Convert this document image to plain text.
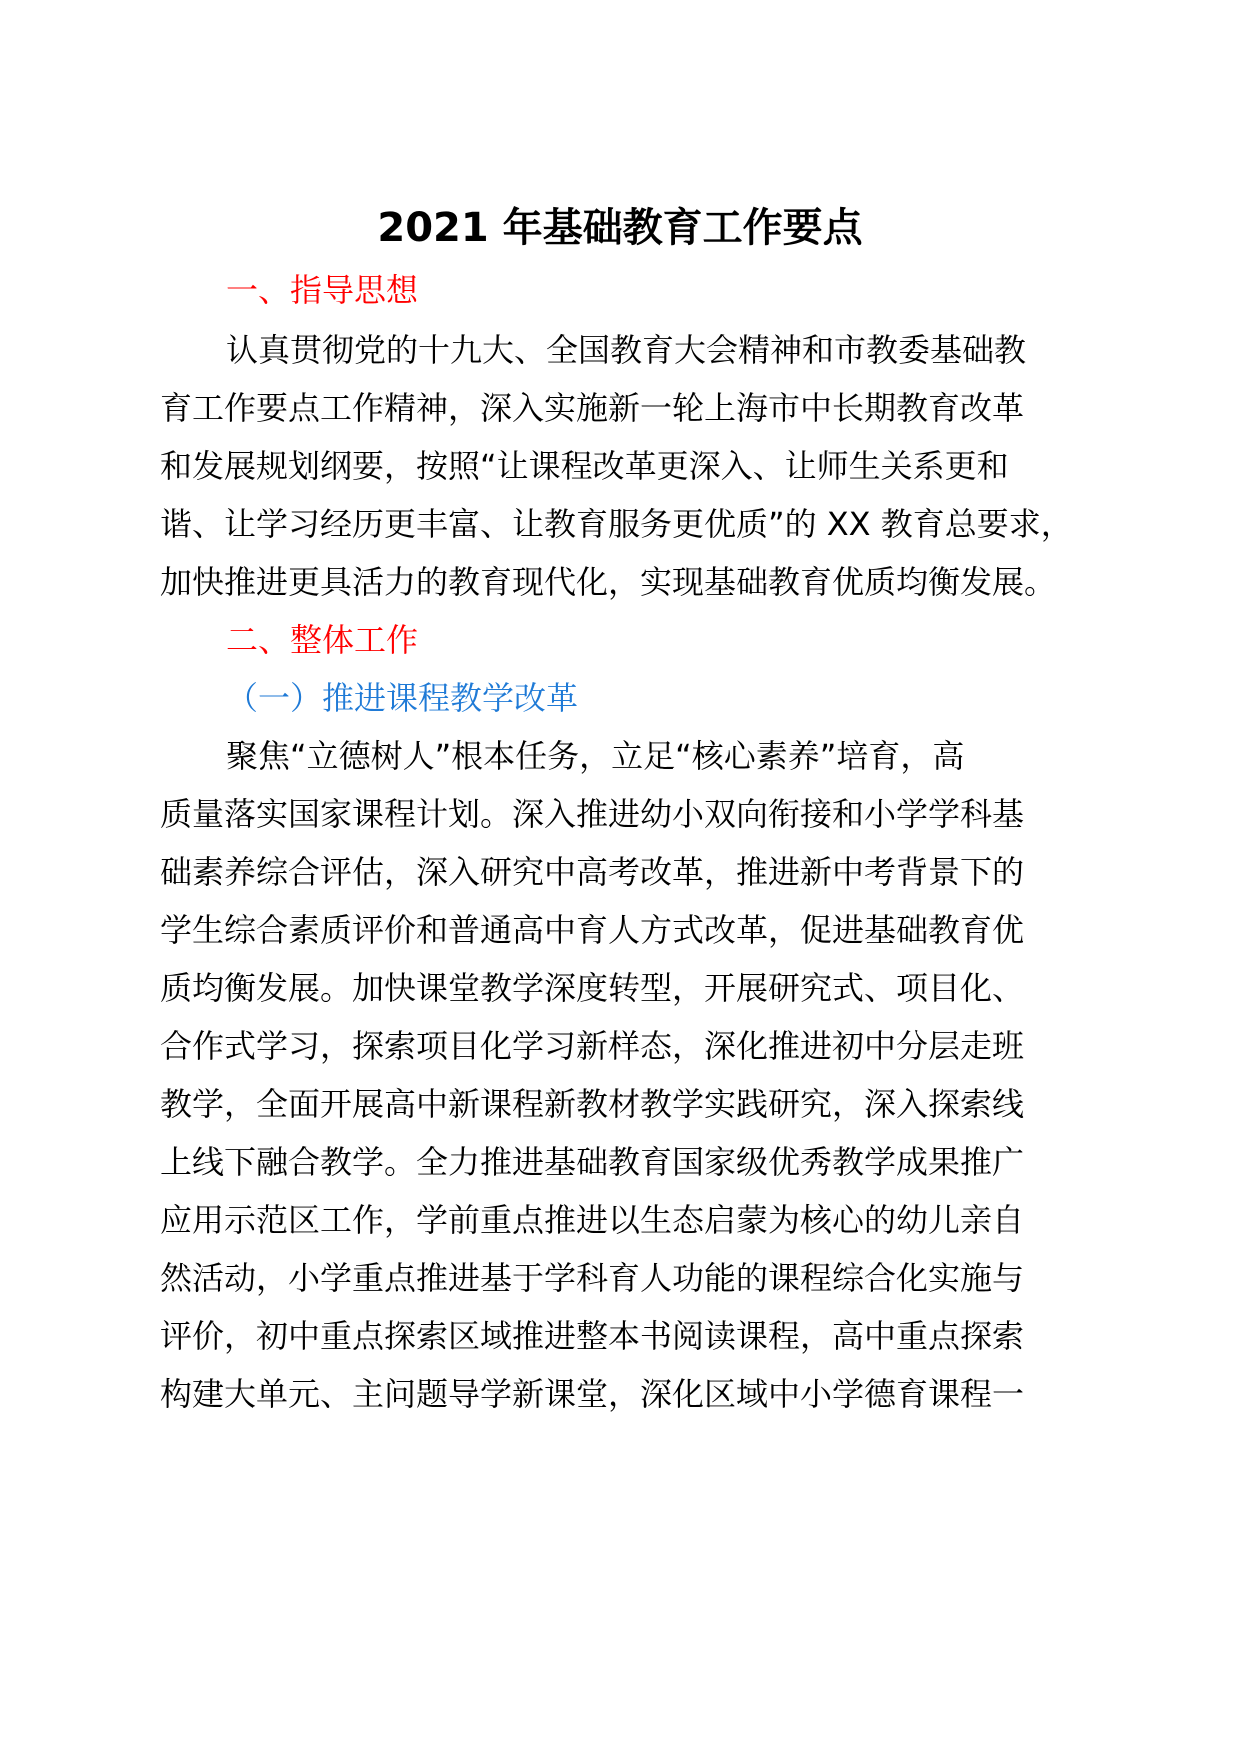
2021 年基础教育工作要点
一、指导思想
认真贯彻党的十九大、全国教育大会精神和市教委基础教
育工作要点工作精神，深入实施新一轮上海市中长期教育改革
和发展规划纲要，按照“让课程改革更深入、让师生关系更和
谐、让学习经历更丰富、让教育服务更优质”的 XX 教育总要求，
加快推进更具活力的教育现代化，实现基础教育优质均衡发展。
二、整体工作
（一）推进课程教学改革
聚焦“立德树人”根本任务，立足“核心素养”培育，高
质量落实国家课程计划。深入推进幼小双向衔接和小学学科基
础素养综合评估，深入研究中高考改革，推进新中考背景下的
学生综合素质评价和普通高中育人方式改革，促进基础教育优
质均衡发展。加快课堂教学深度转型，开展研究式、项目化、
合作式学习，探索项目化学习新样态，深化推进初中分层走班
教学，全面开展高中新课程新教材教学实践研究，深入探索线
上线下融合教学。全力推进基础教育国家级优秀教学成果推广
应用示范区工作，学前重点推进以生态启蒙为核心的幼儿亲自
然活动，小学重点推进基于学科育人功能的课程综合化实施与
评价，初中重点探索区域推进整本书阅读课程，高中重点探索
构建大单元、主问题导学新课堂，深化区域中小学德育课程一
